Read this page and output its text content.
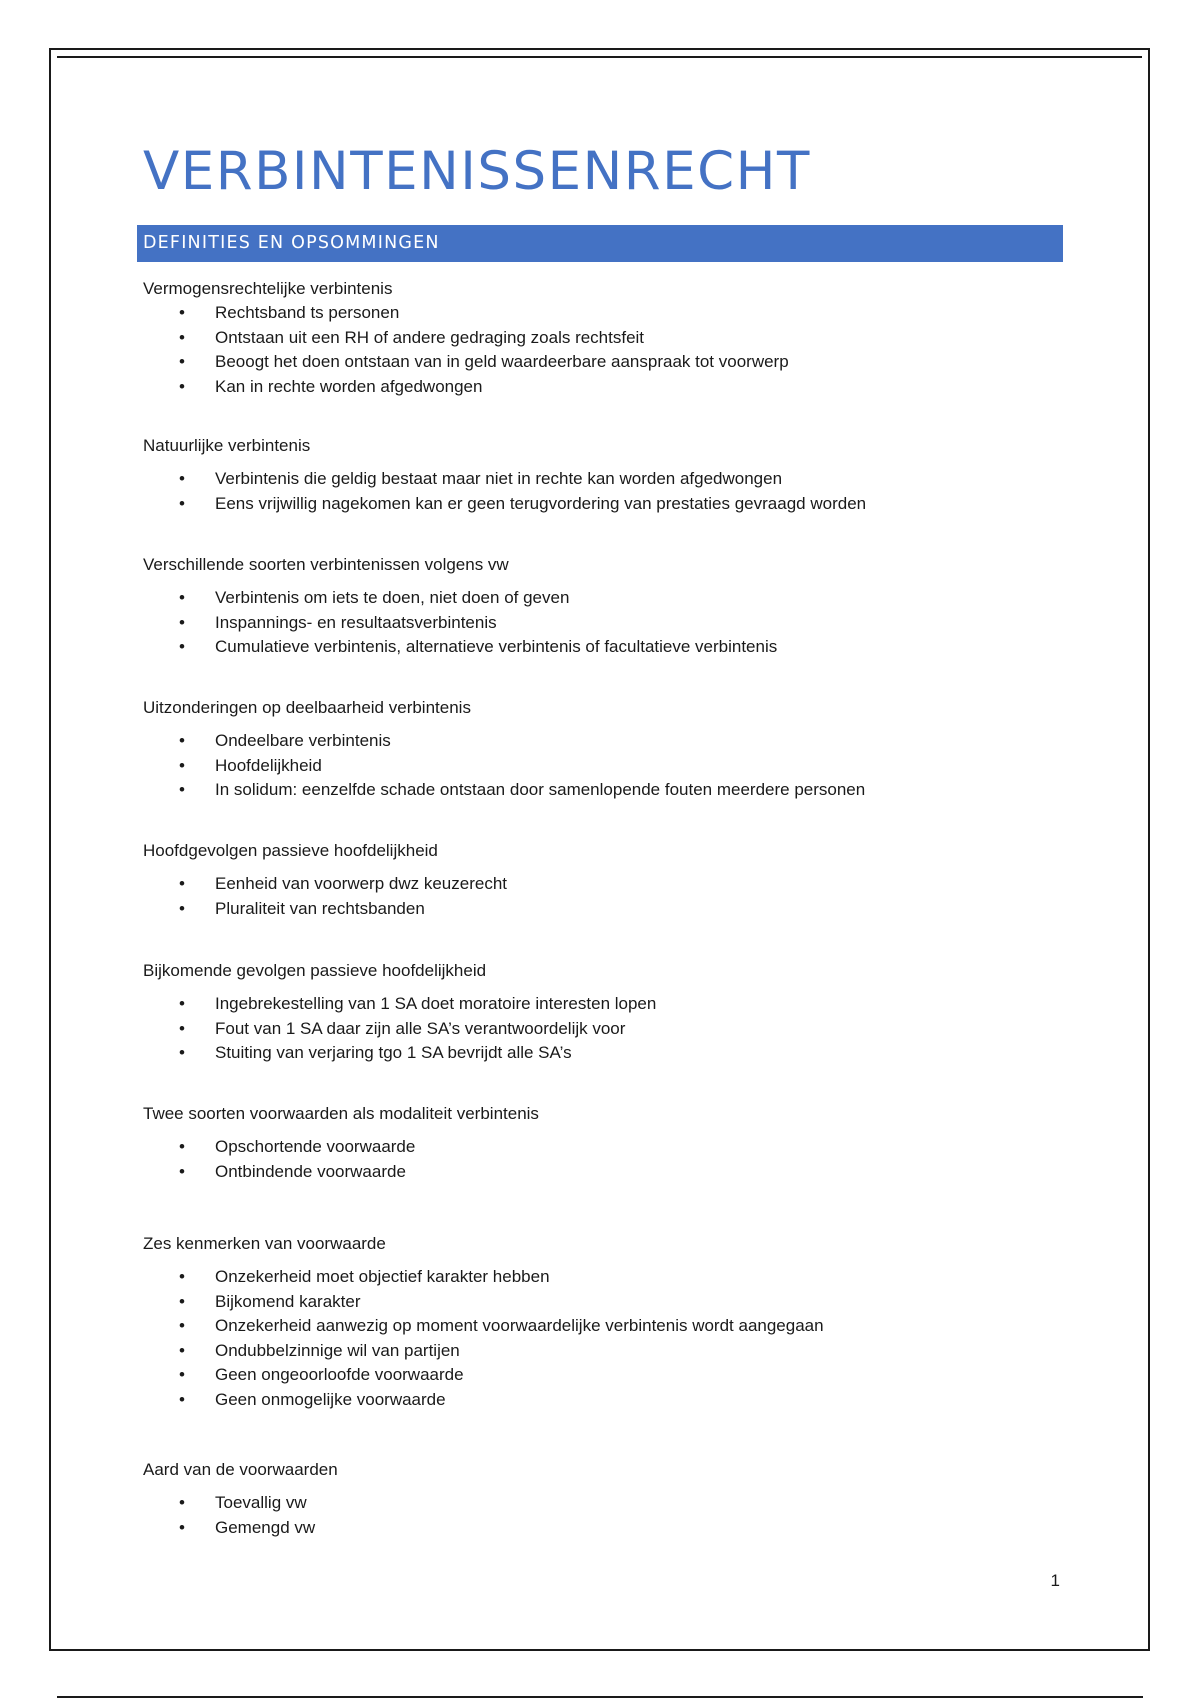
VERBINTENISSENRECHT
DEFINITIES EN OPSOMMINGEN
Vermogensrechtelijke verbintenis
• Rechtsband ts personen
• Ontstaan uit een RH of andere gedraging zoals rechtsfeit
• Beoogt het doen ontstaan van in geld waardeerbare aanspraak tot voorwerp
• Kan in rechte worden afgedwongen
Natuurlijke verbintenis
• Verbintenis die geldig bestaat maar niet in rechte kan worden afgedwongen
• Eens vrijwillig nagekomen kan er geen terugvordering van prestaties gevraagd worden
Verschillende soorten verbintenissen volgens vw
• Verbintenis om iets te doen, niet doen of geven
• Inspannings- en resultaatsverbintenis
• Cumulatieve verbintenis, alternatieve verbintenis of facultatieve verbintenis
Uitzonderingen op deelbaarheid verbintenis
• Ondeelbare verbintenis
• Hoofdelijkheid
• In solidum: eenzelfde schade ontstaan door samenlopende fouten meerdere personen
Hoofdgevolgen passieve hoofdelijkheid
• Eenheid van voorwerp dwz keuzerecht
• Pluraliteit van rechtsbanden
Bijkomende gevolgen passieve hoofdelijkheid
• Ingebrekestelling van 1 SA doet moratoire interesten lopen
• Fout van 1 SA daar zijn alle SA’s verantwoordelijk voor
• Stuiting van verjaring tgo 1 SA bevrijdt alle SA’s
Twee soorten voorwaarden als modaliteit verbintenis
• Opschortende voorwaarde
• Ontbindende voorwaarde
Zes kenmerken van voorwaarde
• Onzekerheid moet objectief karakter hebben
• Bijkomend karakter
• Onzekerheid aanwezig op moment voorwaardelijke verbintenis wordt aangegaan
• Ondubbelzinnige wil van partijen
• Geen ongeoorloofde voorwaarde
• Geen onmogelijke voorwaarde
Aard van de voorwaarden
• Toevallig vw
• Gemengd vw
1
